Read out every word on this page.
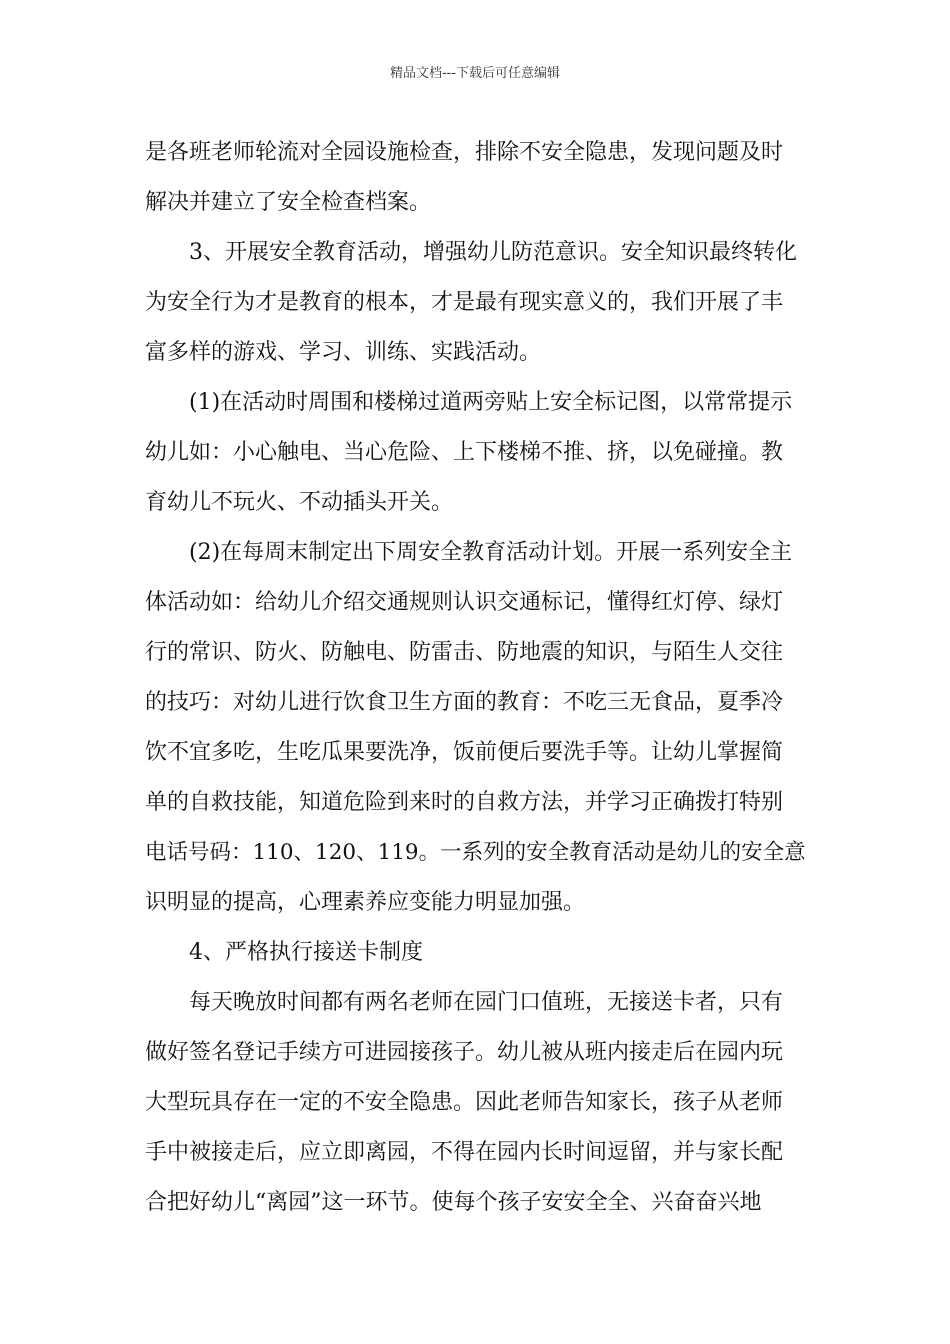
精品文档---下载后可任意编辑
是各班老师轮流对全园设施检查，排除不安全隐患，发现问题及时
解决并建立了安全检查档案。
3、开展安全教育活动，增强幼儿防范意识。安全知识最终转化
为安全行为才是教育的根本，才是最有现实意义的，我们开展了丰
富多样的游戏、学习、训练、实践活动。
(1)在活动时周围和楼梯过道两旁贴上安全标记图，以常常提示
幼儿如：小心触电、当心危险、上下楼梯不推、挤，以免碰撞。教
育幼儿不玩火、不动插头开关。
(2)在每周末制定出下周安全教育活动计划。开展一系列安全主
体活动如：给幼儿介绍交通规则认识交通标记，懂得红灯停、绿灯
行的常识、防火、防触电、防雷击、防地震的知识，与陌生人交往
的技巧：对幼儿进行饮食卫生方面的教育：不吃三无食品，夏季冷
饮不宜多吃，生吃瓜果要洗净，饭前便后要洗手等。让幼儿掌握简
单的自救技能，知道危险到来时的自救方法，并学习正确拨打特别
电话号码：110、120、119。一系列的安全教育活动是幼儿的安全意
识明显的提高，心理素养应变能力明显加强。
4、严格执行接送卡制度
每天晚放时间都有两名老师在园门口值班，无接送卡者，只有
做好签名登记手续方可进园接孩子。幼儿被从班内接走后在园内玩
大型玩具存在一定的不安全隐患。因此老师告知家长，孩子从老师
手中被接走后，应立即离园，不得在园内长时间逗留，并与家长配
合把好幼儿“离园”这一环节。使每个孩子安安全全、兴奋奋兴地
